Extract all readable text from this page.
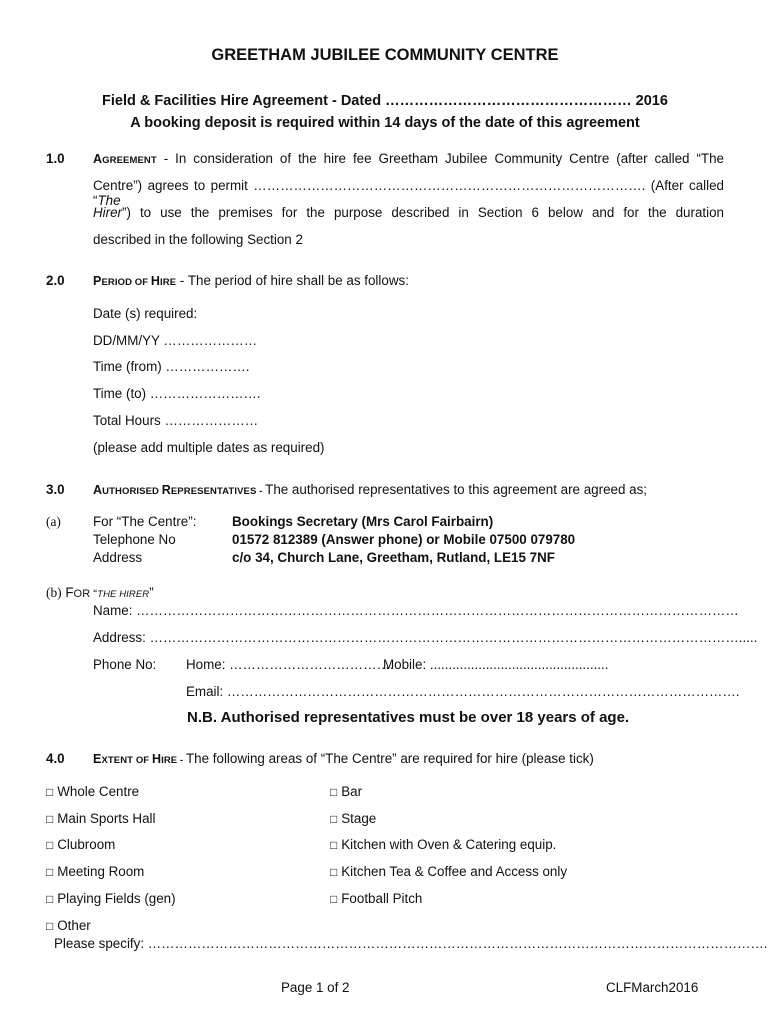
GREETHAM JUBILEE COMMUNITY CENTRE
Field & Facilities Hire Agreement - Dated …………………………………………… 2016
A booking deposit is required within 14 days of the date of this agreement
1.0 AGREEMENT - In consideration of the hire fee Greetham Jubilee Community Centre (after called “The
Centre”) agrees to permit ……………………………………………………………………………. (After called “The
Hirer”) to use the premises for the purpose described in Section 6 below and for the duration
described in the following Section 2
2.0 PERIOD OF HIRE - The period of hire shall be as follows:
Date (s) required:
DD/MM/YY …………………
Time (from) ……………….
Time (to) …………………….
Total Hours …………………
(please add multiple dates as required)
3.0 AUTHORISED REPRESENTATIVES - The authorised representatives to this agreement are agreed as;
(a) For “The Centre”:
Telephone No
Address
Bookings Secretary (Mrs Carol Fairbairn)
01572 812389 (Answer phone) or Mobile 07500 079780
c/o 34, Church Lane, Greetham, Rutland, LE15 7NF
(b) FOR “THE HIRER”
Name: ………………………………………………………………………………………………………………………
Address: …………………………………………………………………………………………………………………….....
Phone No: Home: ……………………………….
Mobile: ................................................
Email: …………………………………………………………………………………………………….
N.B. Authorised representatives must be over 18 years of age.
4.0 EXTENT OF HIRE - The following areas of “The Centre” are required for hire (please tick)
□ Whole Centre
□ Main Sports Hall
□ Clubroom
□ Meeting Room
□ Playing Fields (gen)
□ Other
□ Bar
□ Stage
□ Kitchen with Oven & Catering equip.
□ Kitchen Tea & Coffee and Access only
□ Football Pitch
Please specify: ………………………………………………………………………………………………………………………….
Page 1 of 2	CLFMarch2016
